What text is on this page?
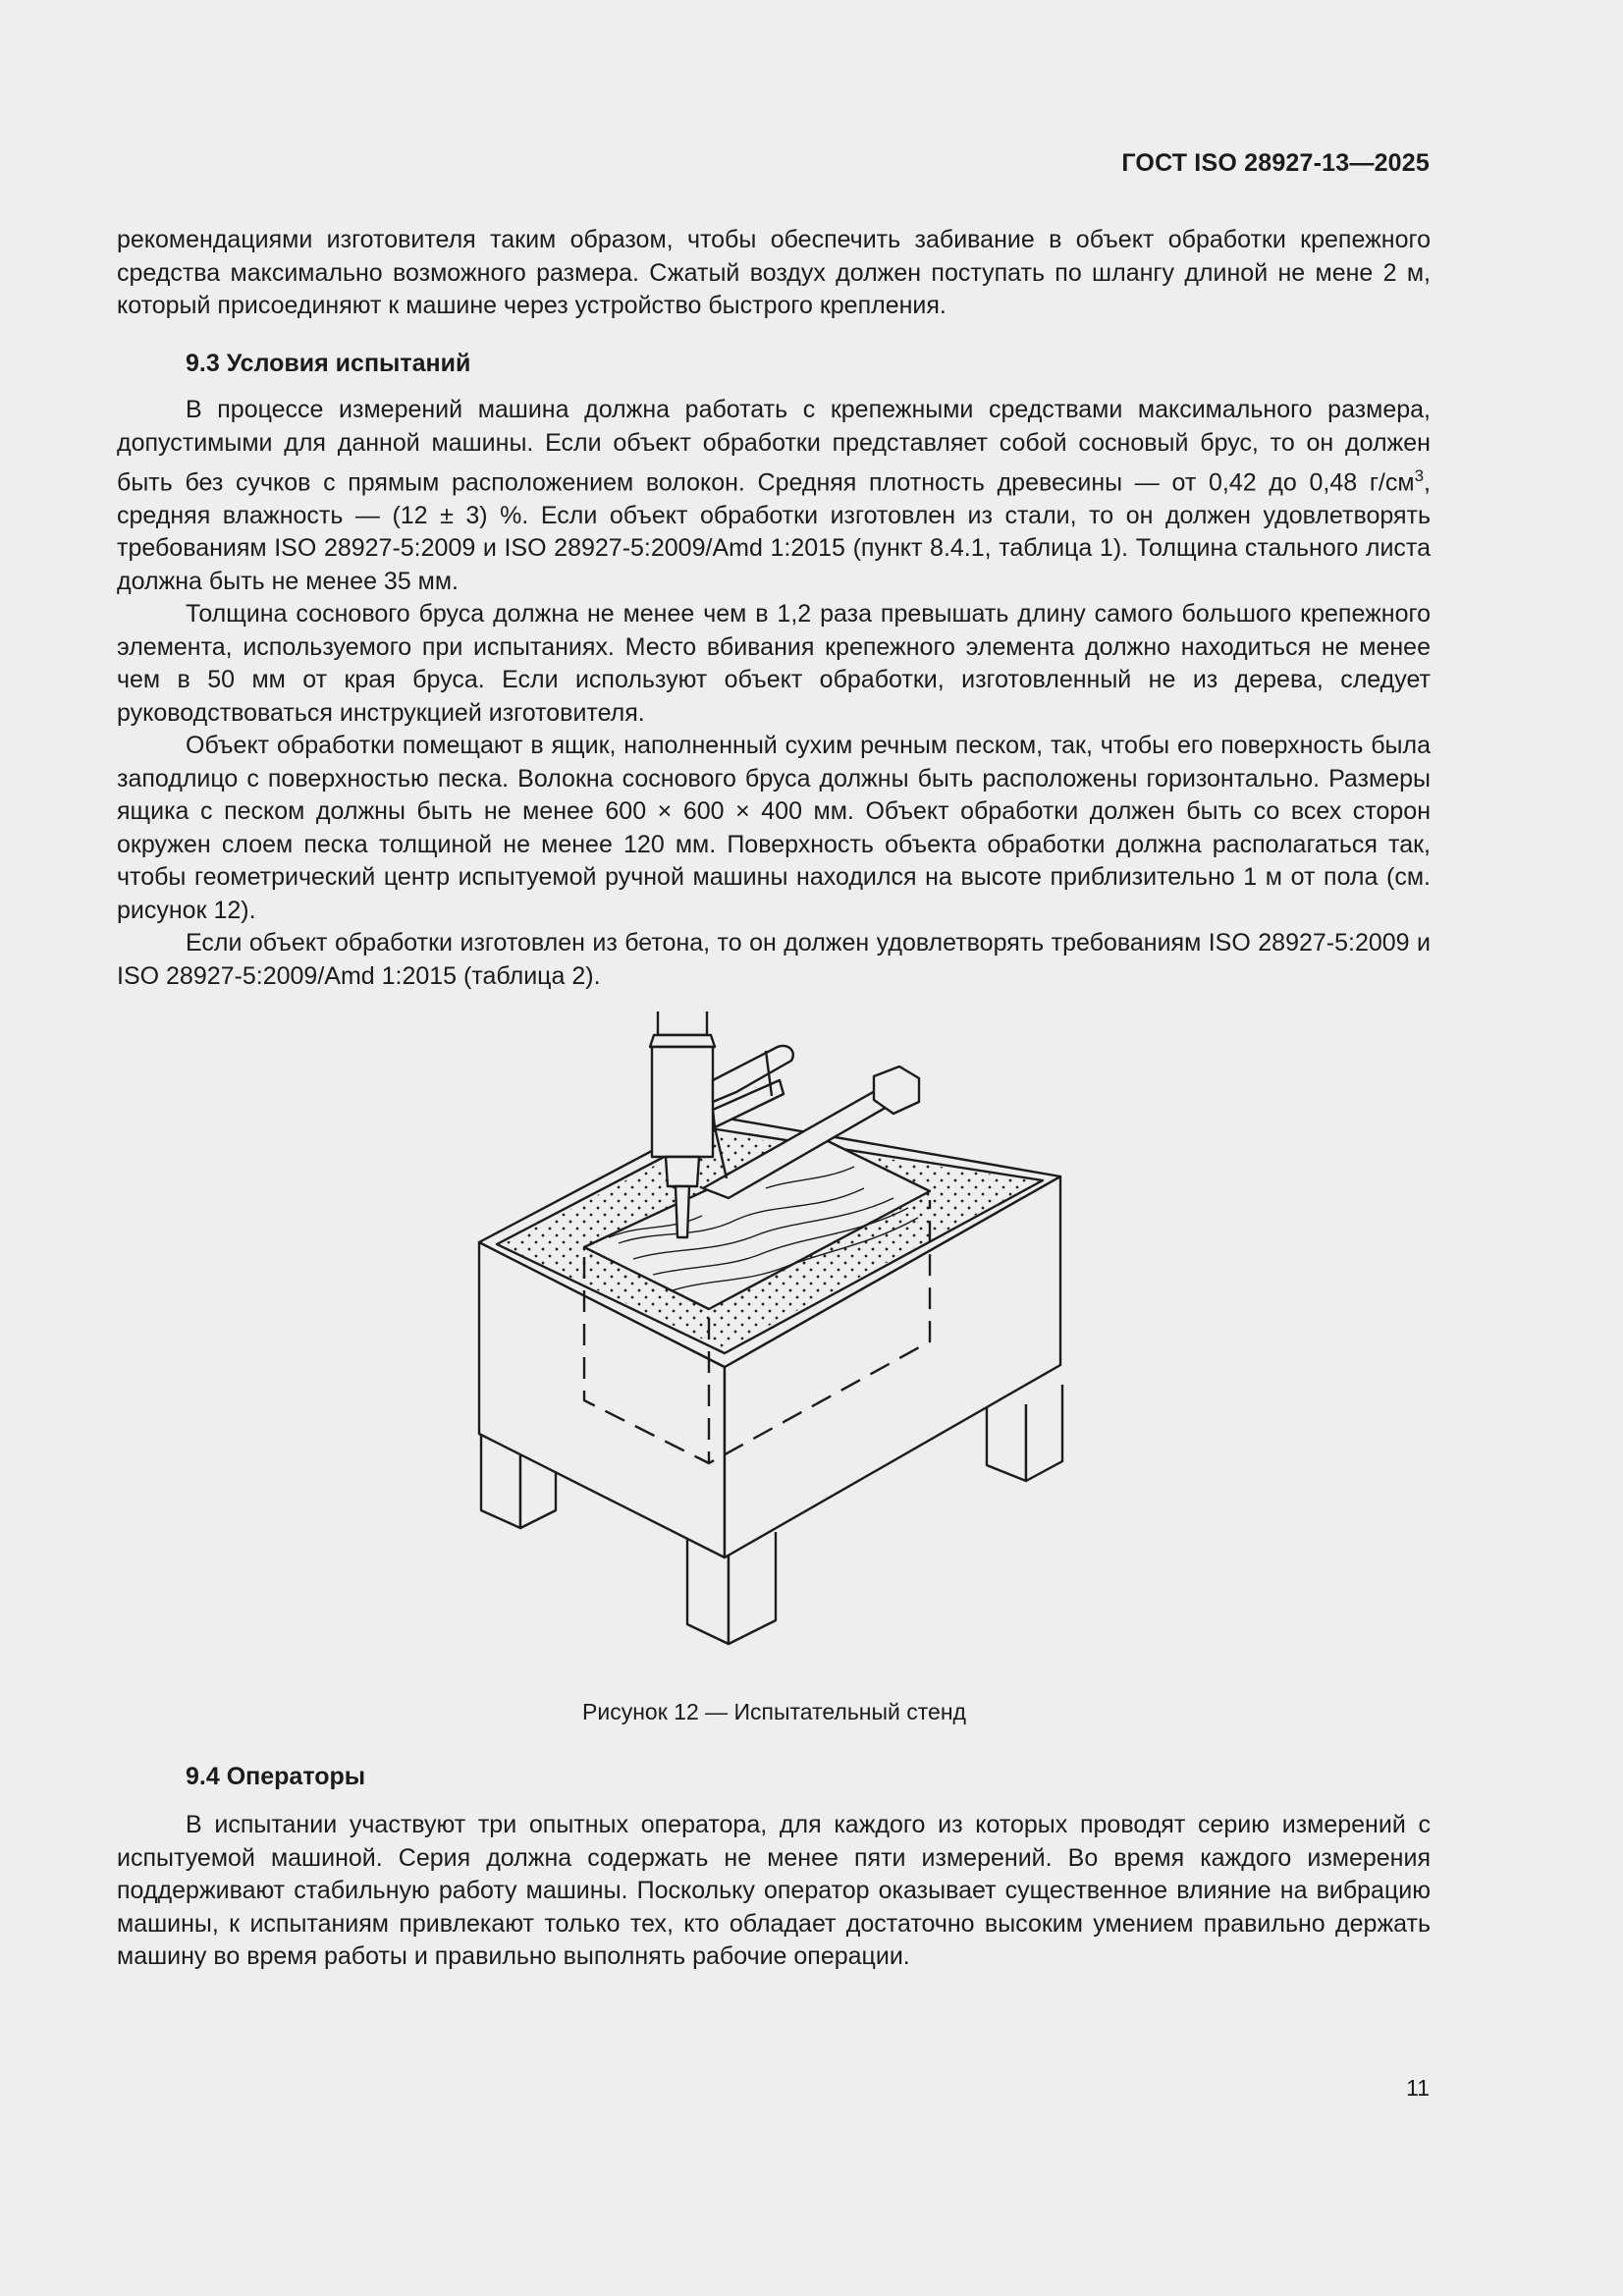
ГОСТ ISO 28927-13—2025

рекомендациями изготовителя таким образом, чтобы обеспечить забивание в объект обработки крепежного средства максимально возможного размера. Сжатый воздух должен поступать по шлангу длиной не мене 2 м, который присоединяют к машине через устройство быстрого крепления.

9.3 Условия испытаний

В процессе измерений машина должна работать с крепежными средствами максимального размера, допустимыми для данной машины. Если объект обработки представляет собой сосновый брус, то он должен быть без сучков с прямым расположением волокон. Средняя плотность древесины — от 0,42 до 0,48 $г/см^3$, средняя влажность — (12 ± 3) %. Если объект обработки изготовлен из стали, то он должен удовлетворять требованиям ISO 28927-5:2009 и ISO 28927-5:2009/Amd 1:2015 (пункт 8.4.1, таблица 1). Толщина стального листа должна быть не менее 35 мм.

Толщина соснового бруса должна не менее чем в 1,2 раза превышать длину самого большого крепежного элемента, используемого при испытаниях. Место вбивания крепежного элемента должно находиться не менее чем в 50 мм от края бруса. Если используют объект обработки, изготовленный не из дерева, следует руководствоваться инструкцией изготовителя.

Объект обработки помещают в ящик, наполненный сухим речным песком, так, чтобы его поверхность была заподлицо с поверхностью песка. Волокна соснового бруса должны быть расположены горизонтально. Размеры ящика с песком должны быть не менее 600 × 600 × 400 мм. Объект обработки должен быть со всех сторон окружен слоем песка толщиной не менее 120 мм. Поверхность объекта обработки должна располагаться так, чтобы геометрический центр испытуемой ручной машины находился на высоте приблизительно 1 м от пола (см. рисунок 12).

Если объект обработки изготовлен из бетона, то он должен удовлетворять требованиям ISO 28927-5:2009 и ISO 28927-5:2009/Amd 1:2015 (таблица 2).

Рисунок 12 — Испытательный стенд
9.4 Операторы

В испытании участвуют три опытных оператора, для каждого из которых проводят серию измерений с испытуемой машиной. Серия должна содержать не менее пяти измерений. Во время каждого измерения поддерживают стабильную работу машины. Поскольку оператор оказывает существенное влияние на вибрацию машины, к испытаниям привлекают только тех, кто обладает достаточно высоким умением правильно держать машину во время работы и правильно выполнять рабочие операции.

11
